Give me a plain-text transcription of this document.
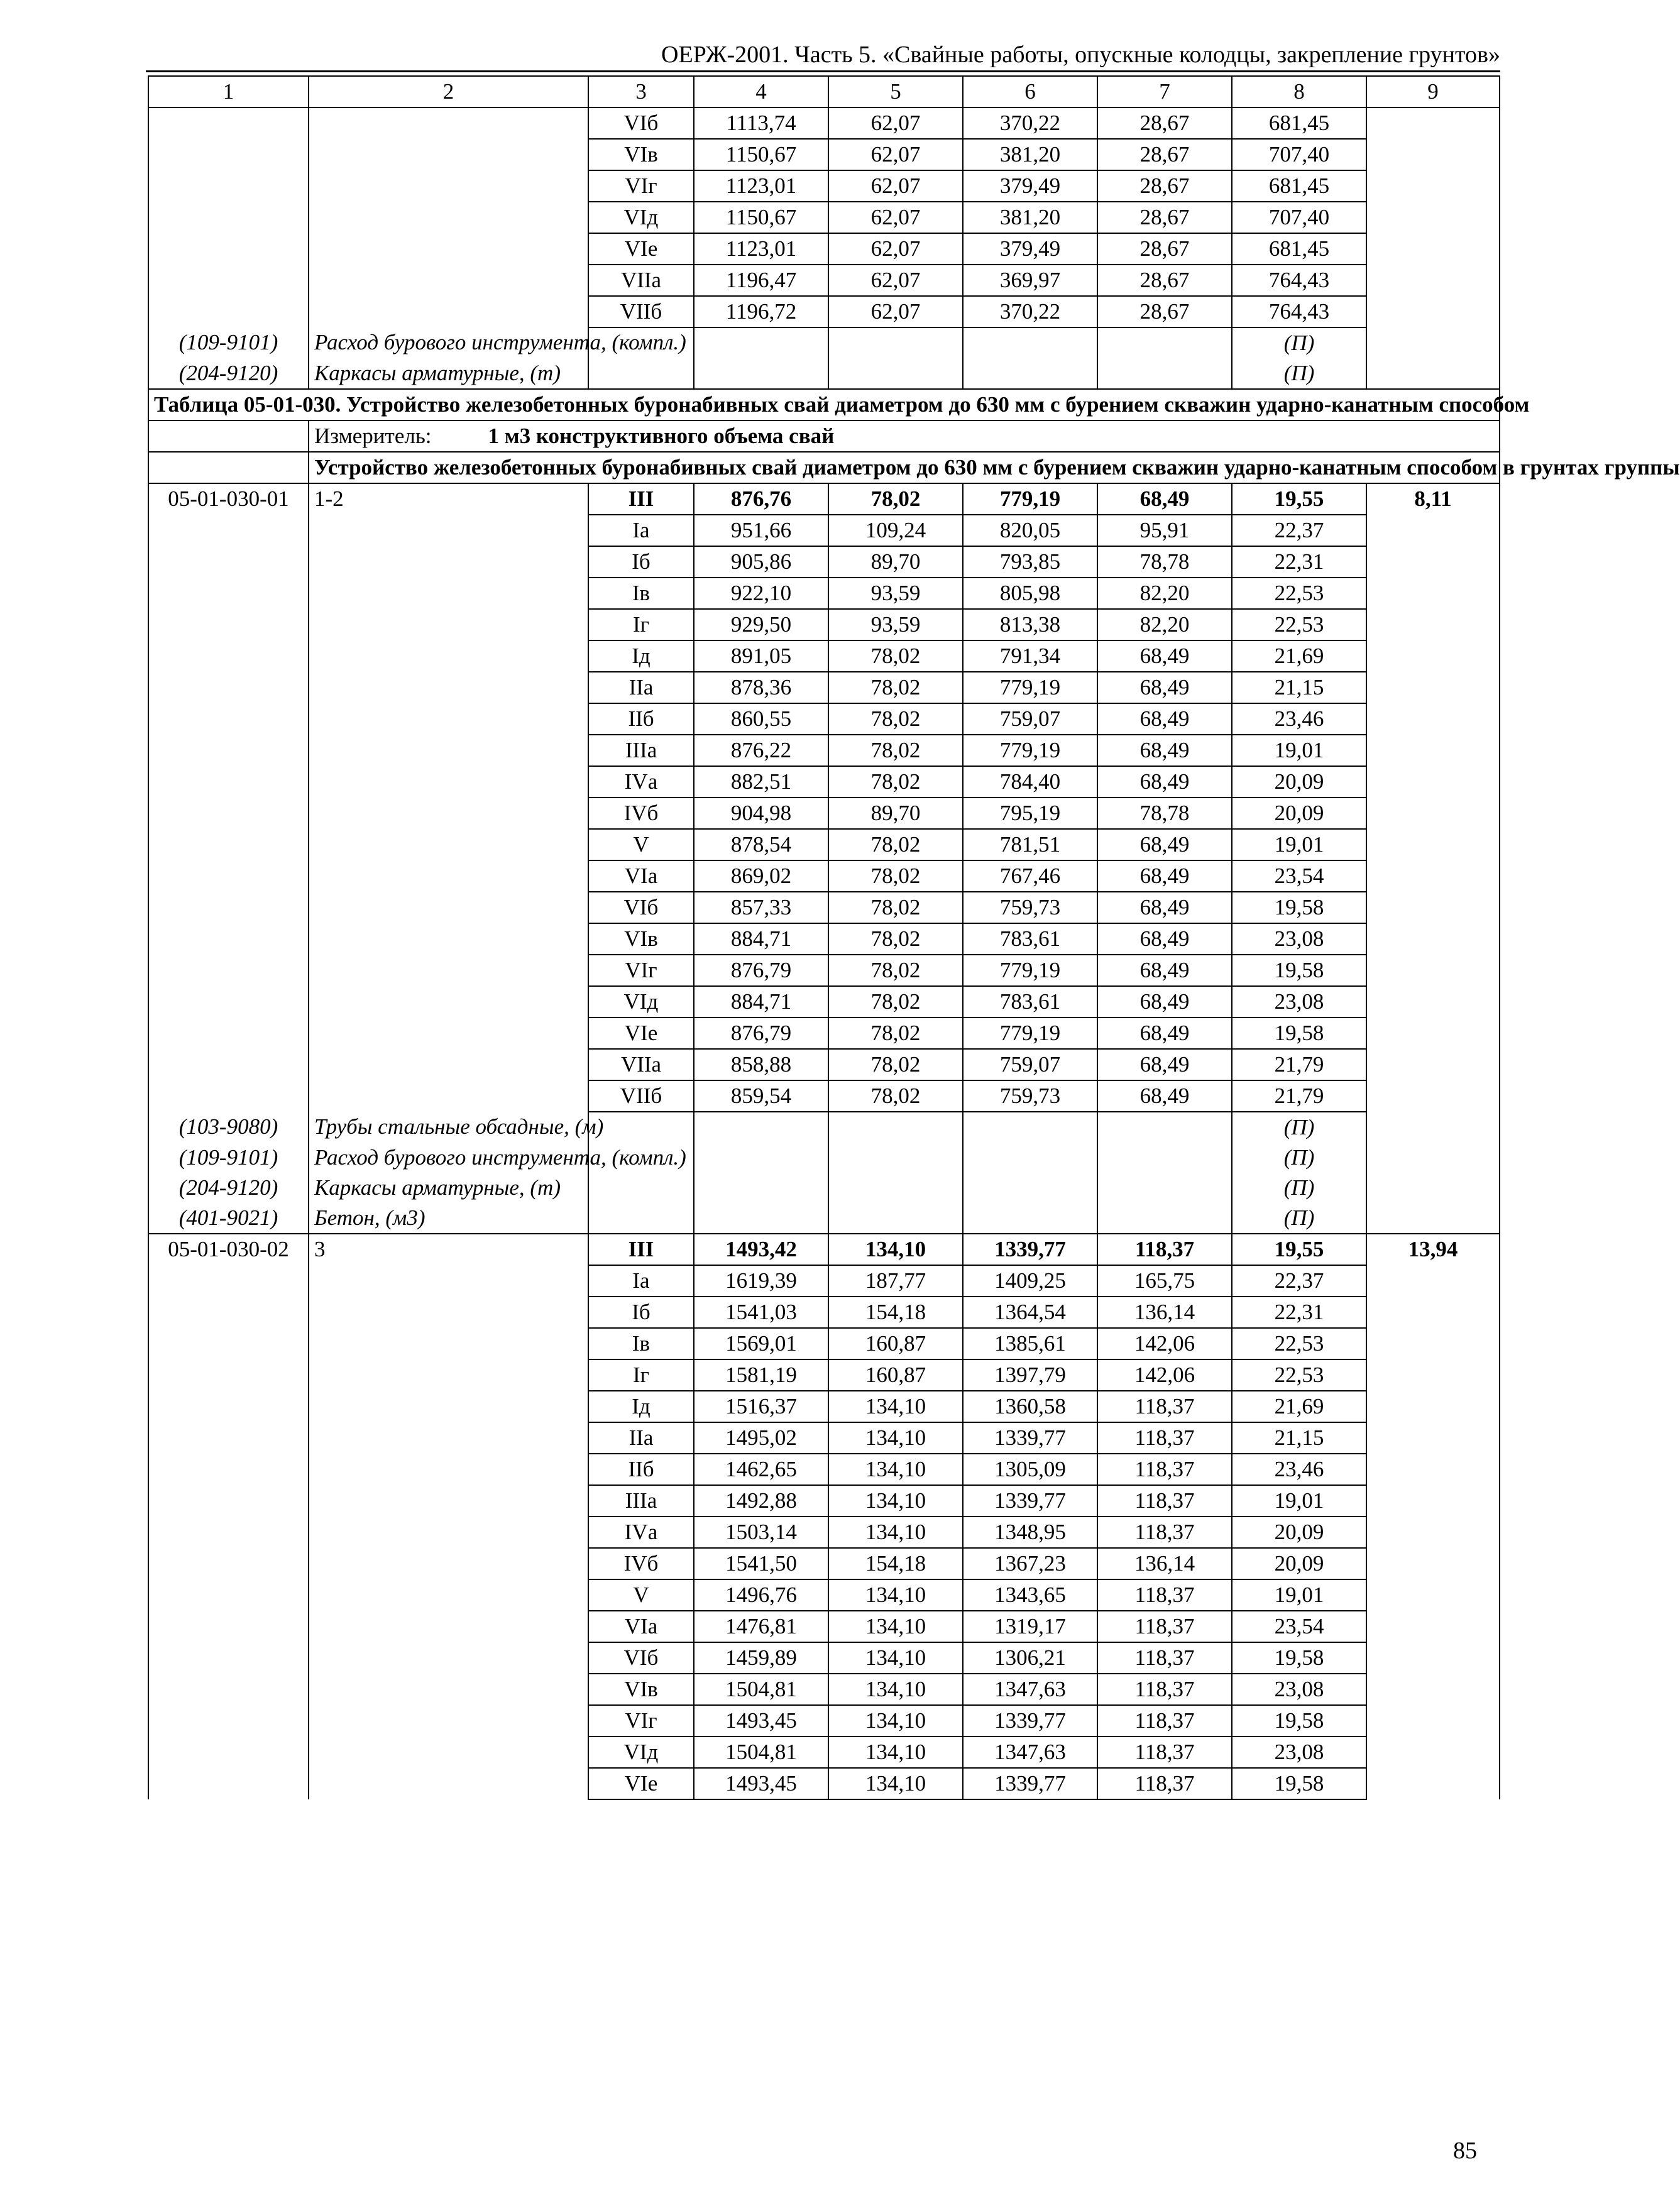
ОЕРЖ-2001. Часть 5. «Свайные работы, опускные колодцы, закрепление грунтов»
1	2	3	4	5	6	7	8	9
		VIб	1113,74	62,07	370,22	28,67	681,45	
		VIв	1150,67	62,07	381,20	28,67	707,40	
		VIг	1123,01	62,07	379,49	28,67	681,45	
		VIд	1150,67	62,07	381,20	28,67	707,40	
		VIе	1123,01	62,07	379,49	28,67	681,45	
		VIIа	1196,47	62,07	369,97	28,67	764,43	
		VIIб	1196,72	62,07	370,22	28,67	764,43	
(109-9101)	Расход бурового инструмента, (компл.)						(П)	
(204-9120)	Каркасы арматурные, (т)						(П)	
Таблица 05-01-030. Устройство железобетонных буронабивных свай диаметром до 630 мм с бурением скважин ударно-канатным способом								
	Измеритель: 1 м3 конструктивного объема свай							
	Устройство железобетонных буронабивных свай диаметром до 630 мм с бурением скважин ударно-канатным способом в грунтах группы							
05-01-030-01	1-2	III	876,76	78,02	779,19	68,49	19,55	8,11
		Iа	951,66	109,24	820,05	95,91	22,37	
		Iб	905,86	89,70	793,85	78,78	22,31	
		Iв	922,10	93,59	805,98	82,20	22,53	
		Iг	929,50	93,59	813,38	82,20	22,53	
		Iд	891,05	78,02	791,34	68,49	21,69	
		IIа	878,36	78,02	779,19	68,49	21,15	
		IIб	860,55	78,02	759,07	68,49	23,46	
		IIIа	876,22	78,02	779,19	68,49	19,01	
		IVа	882,51	78,02	784,40	68,49	20,09	
		IVб	904,98	89,70	795,19	78,78	20,09	
		V	878,54	78,02	781,51	68,49	19,01	
		VIа	869,02	78,02	767,46	68,49	23,54	
		VIб	857,33	78,02	759,73	68,49	19,58	
		VIв	884,71	78,02	783,61	68,49	23,08	
		VIг	876,79	78,02	779,19	68,49	19,58	
		VIд	884,71	78,02	783,61	68,49	23,08	
		VIе	876,79	78,02	779,19	68,49	19,58	
		VIIа	858,88	78,02	759,07	68,49	21,79	
		VIIб	859,54	78,02	759,73	68,49	21,79	
(103-9080)	Трубы стальные обсадные, (м)						(П)	
(109-9101)	Расход бурового инструмента, (компл.)						(П)	
(204-9120)	Каркасы арматурные, (т)						(П)	
(401-9021)	Бетон, (м3)						(П)	
05-01-030-02	3	III	1493,42	134,10	1339,77	118,37	19,55	13,94
		Iа	1619,39	187,77	1409,25	165,75	22,37	
		Iб	1541,03	154,18	1364,54	136,14	22,31	
		Iв	1569,01	160,87	1385,61	142,06	22,53	
		Iг	1581,19	160,87	1397,79	142,06	22,53	
		Iд	1516,37	134,10	1360,58	118,37	21,69	
		IIа	1495,02	134,10	1339,77	118,37	21,15	
		IIб	1462,65	134,10	1305,09	118,37	23,46	
		IIIа	1492,88	134,10	1339,77	118,37	19,01	
		IVа	1503,14	134,10	1348,95	118,37	20,09	
		IVб	1541,50	154,18	1367,23	136,14	20,09	
		V	1496,76	134,10	1343,65	118,37	19,01	
		VIа	1476,81	134,10	1319,17	118,37	23,54	
		VIб	1459,89	134,10	1306,21	118,37	19,58	
		VIв	1504,81	134,10	1347,63	118,37	23,08	
		VIг	1493,45	134,10	1339,77	118,37	19,58	
		VIд	1504,81	134,10	1347,63	118,37	23,08	
		VIе	1493,45	134,10	1339,77	118,37	19,58	
85
